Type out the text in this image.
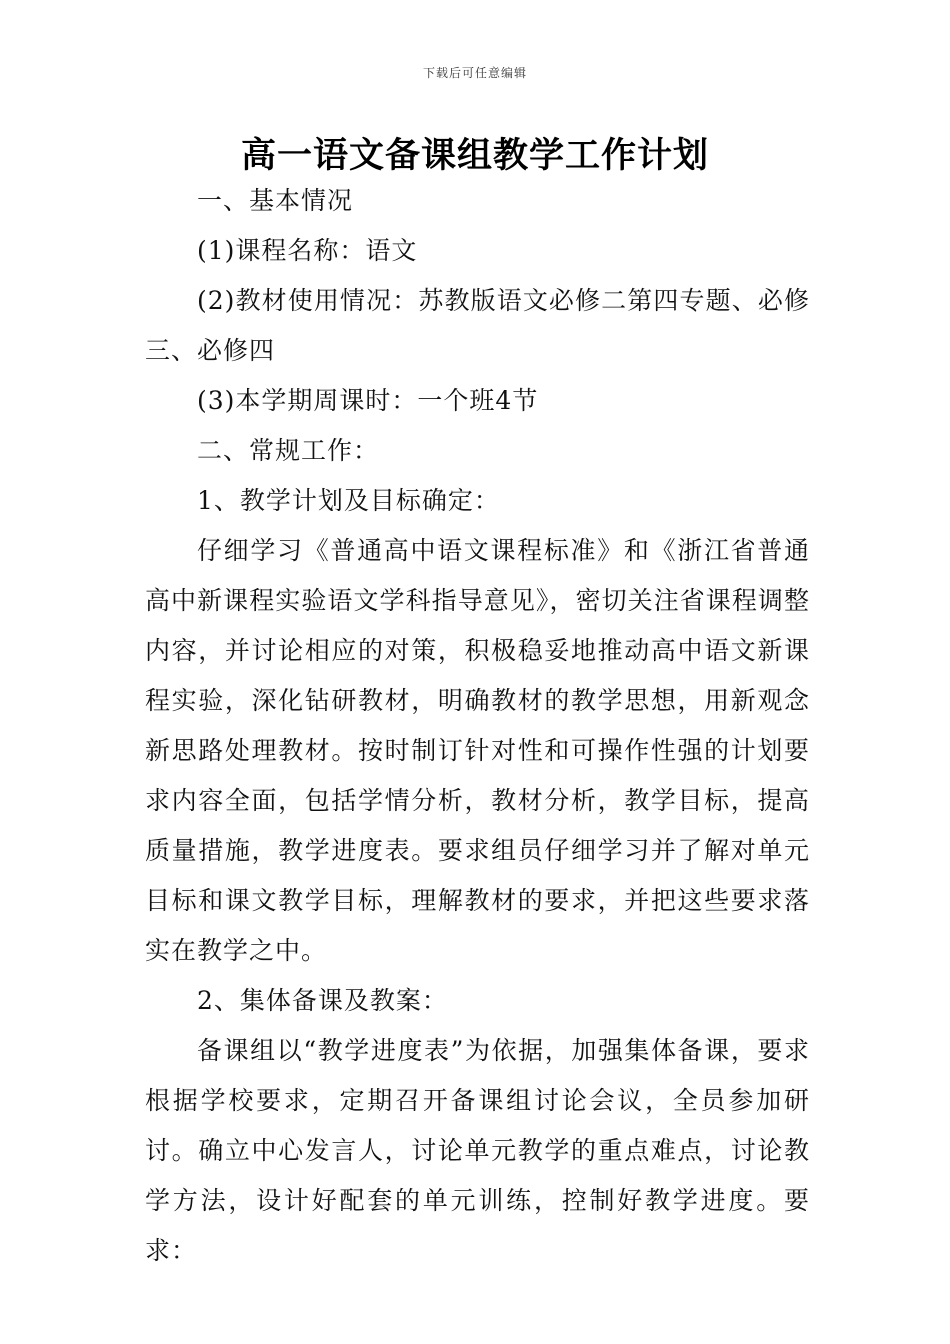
下载后可任意编辑
高一语文备课组教学工作计划

一、基本情况

(1)课程名称：语文

(2)教材使用情况：苏教版语文必修二第四专题、必修三、必修四

(3)本学期周课时：一个班4节

二、常规工作：

1、教学计划及目标确定：

仔细学习《普通高中语文课程标准》和《浙江省普通高中新课程实验语文学科指导意见》，密切关注省课程调整内容，并讨论相应的对策，积极稳妥地推动高中语文新课程实验，深化钻研教材，明确教材的教学思想，用新观念新思路处理教材。按时制订针对性和可操作性强的计划要求内容全面，包括学情分析，教材分析，教学目标，提高质量措施，教学进度表。要求组员仔细学习并了解对单元目标和课文教学目标，理解教材的要求，并把这些要求落实在教学之中。

2、集体备课及教案：

备课组以“教学进度表”为依据，加强集体备课，要求根据学校要求，定期召开备课组讨论会议，全员参加研讨。确立中心发言人，讨论单元教学的重点难点，讨论教学方法，设计好配套的单元训练，控制好教学进度。要求：
